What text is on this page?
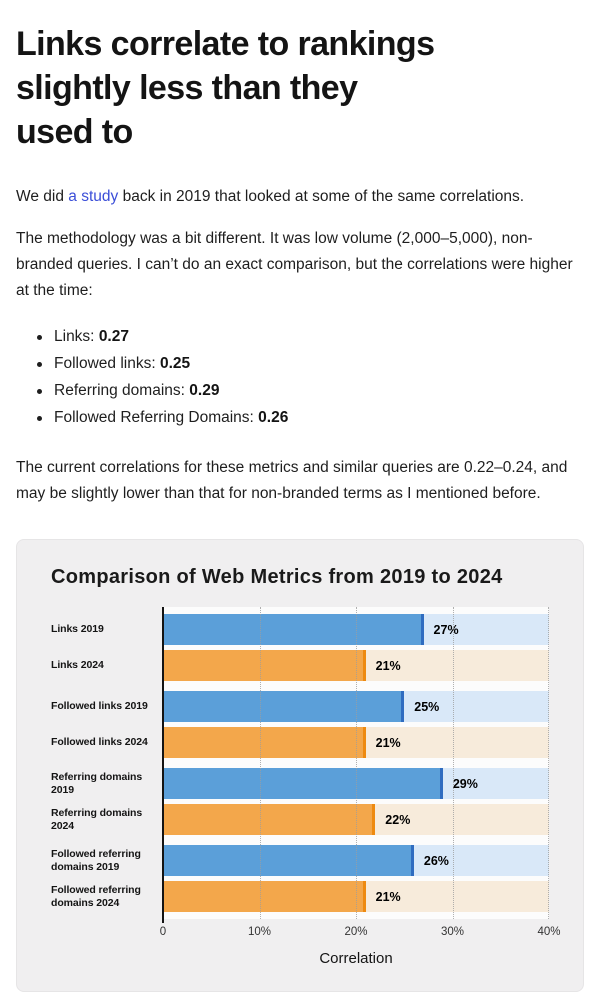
Links correlate to rankings
slightly less than they
used to

We did a study back in 2019 that looked at some of the same correlations.

The methodology was a bit different. It was low volume (2,000–5,000), non-branded queries. I can’t do an exact comparison, but the correlations were higher at the time:

Links: 0.27
Followed links: 0.25
Referring domains: 0.29
Followed Referring Domains: 0.26

The current correlations for these metrics and similar queries are 0.22–0.24, and may be slightly lower than that for non-branded terms as I mentioned before.

Comparison of Web Metrics from 2019 to 2024
Links 2019	27%
Links 2024	21%
Followed links 2019	25%
Followed links 2024	21%
Referring domains 2019	29%
Referring domains 2024	22%
Followed referring domains 2019	26%
Followed referring domains 2024	21%
0	10%	20%	30%	40%
Correlation
